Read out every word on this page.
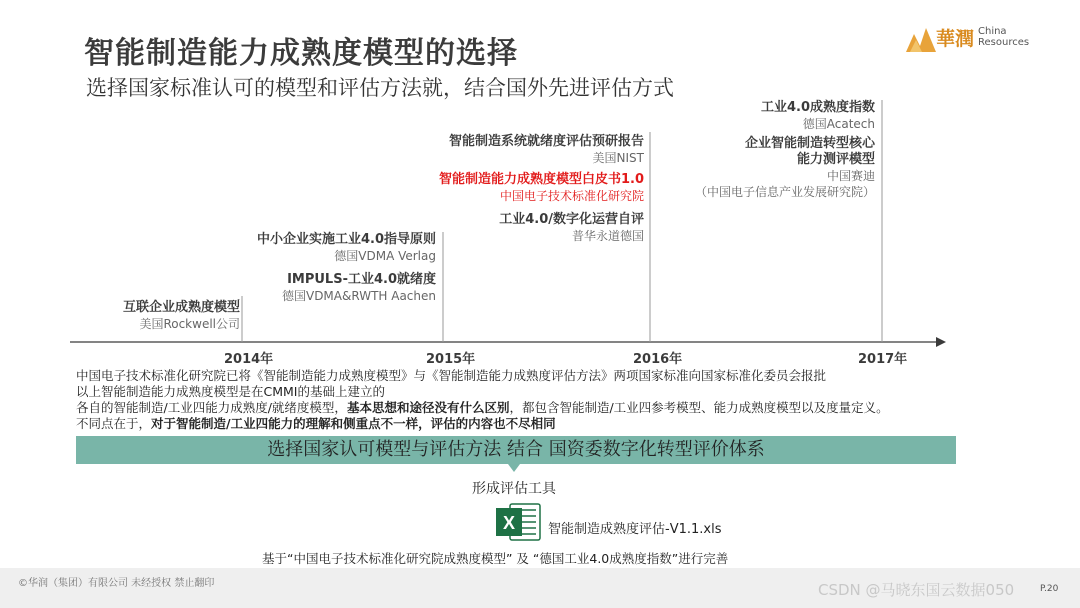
智能制造能力成熟度模型的选择
选择国家标准认可的模型和评估方法就，结合国外先进评估方式
華潤 China
Resources
2014年	2015年	2016年	2017年
互联企业成熟度模型
美国Rockwell公司
中小企业实施工业4.0指导原则
德国VDMA Verlag
IMPULS-工业4.0就绪度
德国VDMA&RWTH Aachen
智能制造系统就绪度评估预研报告
美国NIST
智能制造能力成熟度模型白皮书1.0
中国电子技术标准化研究院
工业4.0/数字化运营自评
普华永道德国
工业4.0成熟度指数
德国Acatech
企业智能制造转型核心
能力测评模型
中国赛迪
（中国电子信息产业发展研究院）
中国电子技术标准化研究院已将《智能制造能力成熟度模型》与《智能制造能力成熟度评估方法》两项国家标准向国家标准化委员会报批
以上智能制造能力成熟度模型是在CMMI的基础上建立的
各自的智能制造/工业四能力成熟度/就绪度模型，基本思想和途径没有什么区别，都包含智能制造/工业四参考模型、能力成熟度模型以及度量定义。
不同点在于，对于智能制造/工业四能力的理解和侧重点不一样，评估的内容也不尽相同
选择国家认可模型与评估方法 结合 国资委数字化转型评价体系
形成评估工具
X	智能制造成熟度评估-V1.1.xls
基于“中国电子技术标准化研究院成熟度模型” 及 “德国工业4.0成熟度指数”进行完善
©华润（集团）有限公司 未经授权 禁止翻印	P.20
CSDN @马晓东国云数据050
